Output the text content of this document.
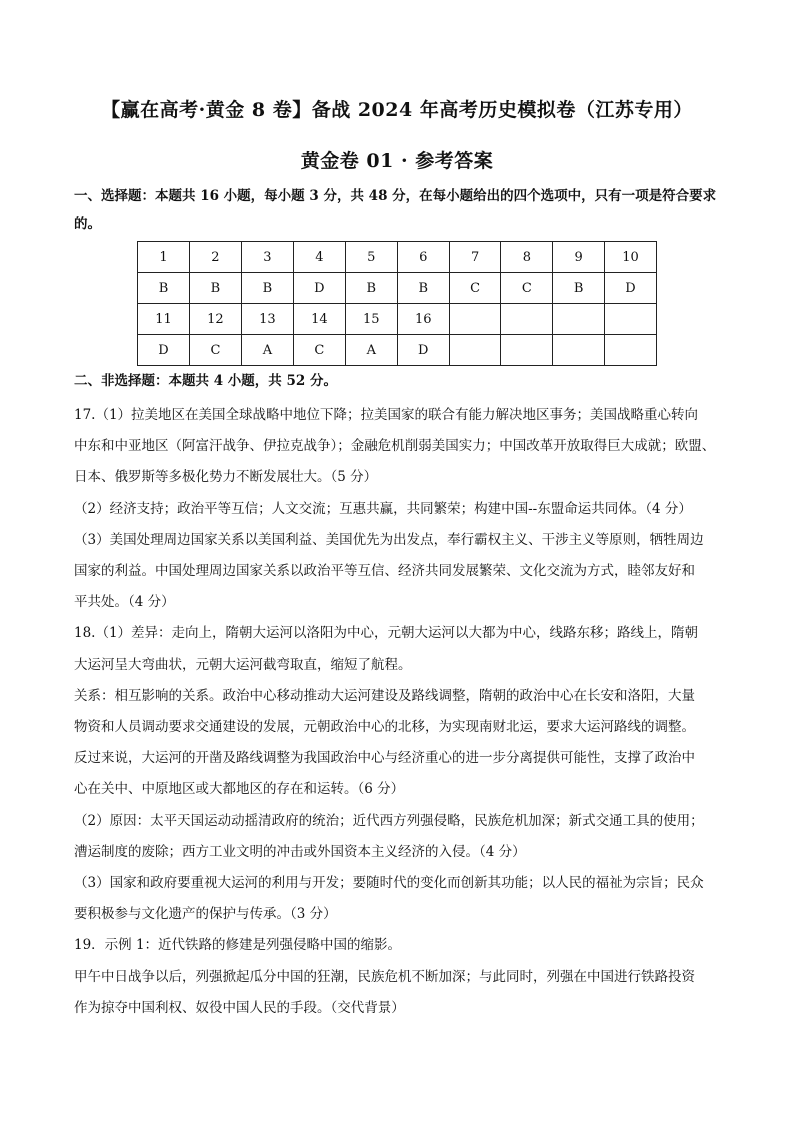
【赢在高考·黄金 8 卷】备战 2024 年高考历史模拟卷（江苏专用）
黄金卷 01 · 参考答案
一、选择题：本题共 16 小题，每小题 3 分，共 48 分，在每小题给出的四个选项中，只有一项是符合要求
的。
1	2	3	4	5	6	7	8	9	10
B	B	B	D	B	B	C	C	B	D
11	12	13	14	15	16				
D	C	A	C	A	D				
二、非选择题：本题共 4 小题，共 52 分。
17.（1）拉美地区在美国全球战略中地位下降；拉美国家的联合有能力解决地区事务；美国战略重心转向
中东和中亚地区（阿富汗战争、伊拉克战争）；金融危机削弱美国实力；中国改革开放取得巨大成就；欧盟、
日本、俄罗斯等多极化势力不断发展壮大。（5 分）
（2）经济支持；政治平等互信；人文交流；互惠共赢，共同繁荣；构建中国--东盟命运共同体。（4 分）
（3）美国处理周边国家关系以美国利益、美国优先为出发点，奉行霸权主义、干涉主义等原则，牺牲周边
国家的利益。中国处理周边国家关系以政治平等互信、经济共同发展繁荣、文化交流为方式，睦邻友好和
平共处。（4 分）
18.（1）差异：走向上，隋朝大运河以洛阳为中心，元朝大运河以大都为中心，线路东移；路线上，隋朝
大运河呈大弯曲状，元朝大运河截弯取直，缩短了航程。
关系：相互影响的关系。政治中心移动推动大运河建设及路线调整，隋朝的政治中心在长安和洛阳，大量
物资和人员调动要求交通建设的发展，元朝政治中心的北移，为实现南财北运，要求大运河路线的调整。
反过来说，大运河的开凿及路线调整为我国政治中心与经济重心的进一步分离提供可能性，支撑了政治中
心在关中、中原地区或大都地区的存在和运转。（6 分）
（2）原因：太平天国运动动摇清政府的统治；近代西方列强侵略，民族危机加深；新式交通工具的使用；
漕运制度的废除；西方工业文明的冲击或外国资本主义经济的入侵。（4 分）
（3）国家和政府要重视大运河的利用与开发；要随时代的变化而创新其功能；以人民的福祉为宗旨；民众
要积极参与文化遗产的保护与传承。（3 分）
19．示例 1：近代铁路的修建是列强侵略中国的缩影。
甲午中日战争以后，列强掀起瓜分中国的狂潮，民族危机不断加深；与此同时，列强在中国进行铁路投资
作为掠夺中国利权、奴役中国人民的手段。（交代背景）
